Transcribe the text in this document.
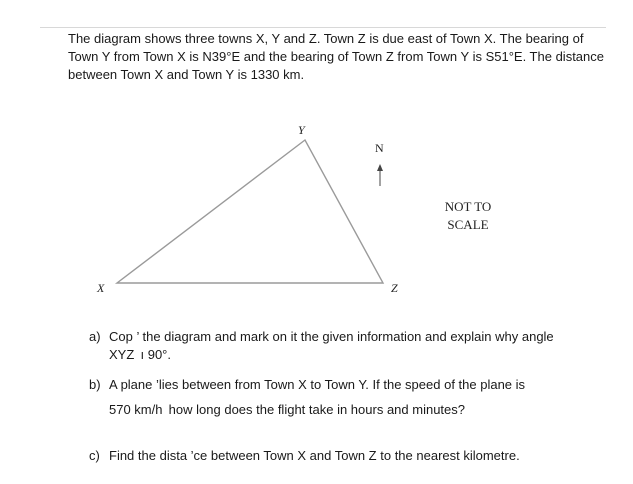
The diagram shows three towns X, Y and Z. Town Z is due east of Town X. The bearing of Town Y from Town X is N39°E and the bearing of Town Z from Town Y is S51°E. The distance between Town X and Town Y is 1330 km.

Y
X	Z
N
NOT TO
SCALE
a) Cop ’ the diagram and mark on it the given information and explain why angle
XYZ  ı 90°.
b) A plane ’lies between from Town X to Town Y. If the speed of the plane is
570 km/h  how long does the flight take in hours and minutes?
c) Find the dista ’ce between Town X and Town Z to the nearest kilometre.
